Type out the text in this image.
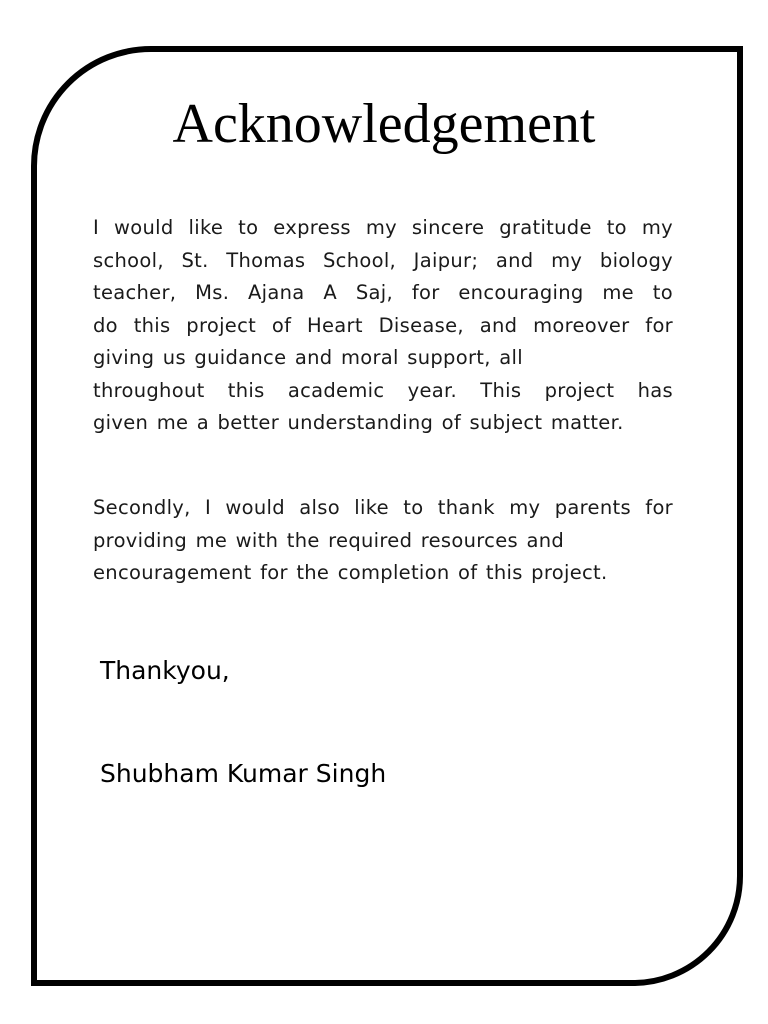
Acknowledgement

I would like to express my sincere gratitude to my
school, St. Thomas School, Jaipur; and my biology
teacher, Ms. Ajana A Saj, for encouraging me to
do this project of Heart Disease, and moreover for
giving us guidance and moral support, all
throughout this academic year. This project has
given me a better understanding of subject matter.

Secondly, I would also like to thank my parents for
providing me with the required resources and
encouragement for the completion of this project.

Thankyou,

Shubham Kumar Singh
